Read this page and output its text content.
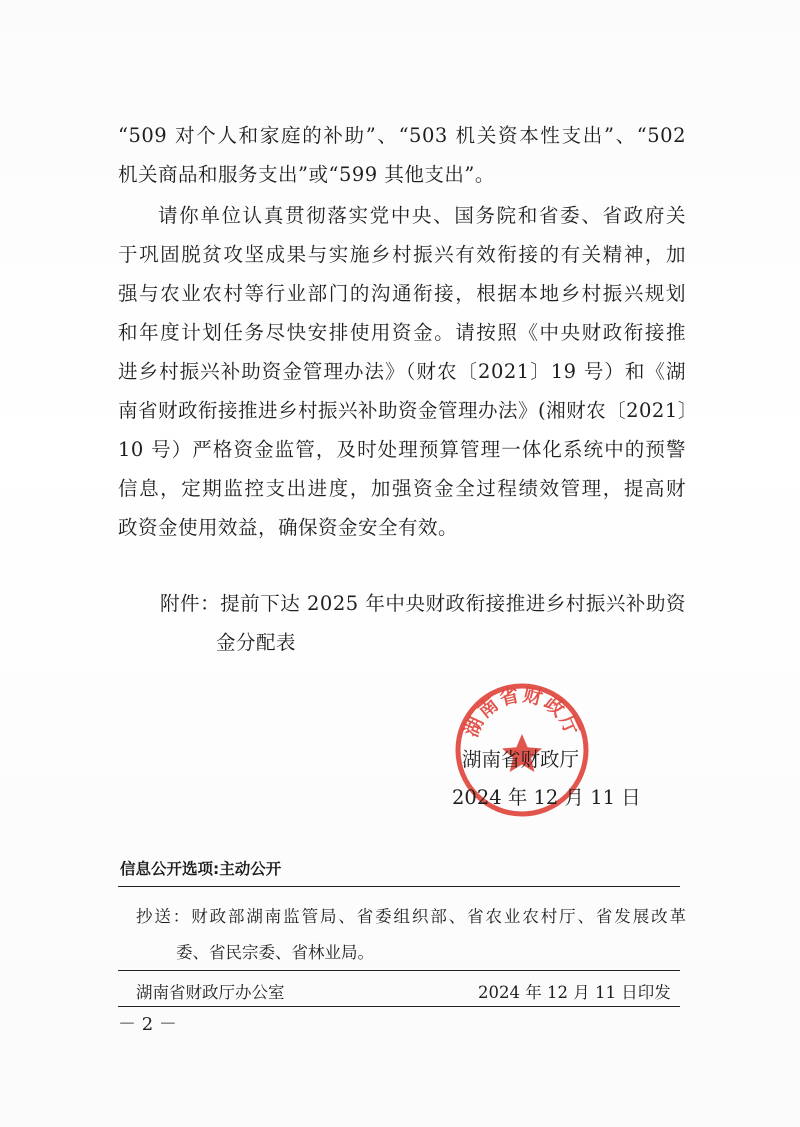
“509 对个人和家庭的补助”、“503 机关资本性支出”、“502
机关商品和服务支出”或“599 其他支出”。
请你单位认真贯彻落实党中央、国务院和省委、省政府关
于巩固脱贫攻坚成果与实施乡村振兴有效衔接的有关精神，加
强与农业农村等行业部门的沟通衔接，根据本地乡村振兴规划
和年度计划任务尽快安排使用资金。请按照《中央财政衔接推
进乡村振兴补助资金管理办法》（财农〔2021〕19 号）和《湖
南省财政衔接推进乡村振兴补助资金管理办法》(湘财农〔2021〕
10 号）严格资金监管，及时处理预算管理一体化系统中的预警
信息，定期监控支出进度，加强资金全过程绩效管理，提高财
政资金使用效益，确保资金安全有效。
附件：提前下达 2025 年中央财政衔接推进乡村振兴补助资
金分配表
湖南省财政厅
湖南省财政厅
2024 年 12 月 11 日
信息公开选项:主动公开
抄送：财政部湖南监管局、省委组织部、省农业农村厅、省发展改革
委、省民宗委、省林业局。
湖南省财政厅办公室	2024 年 12 月 11 日印发
－ 2 －
